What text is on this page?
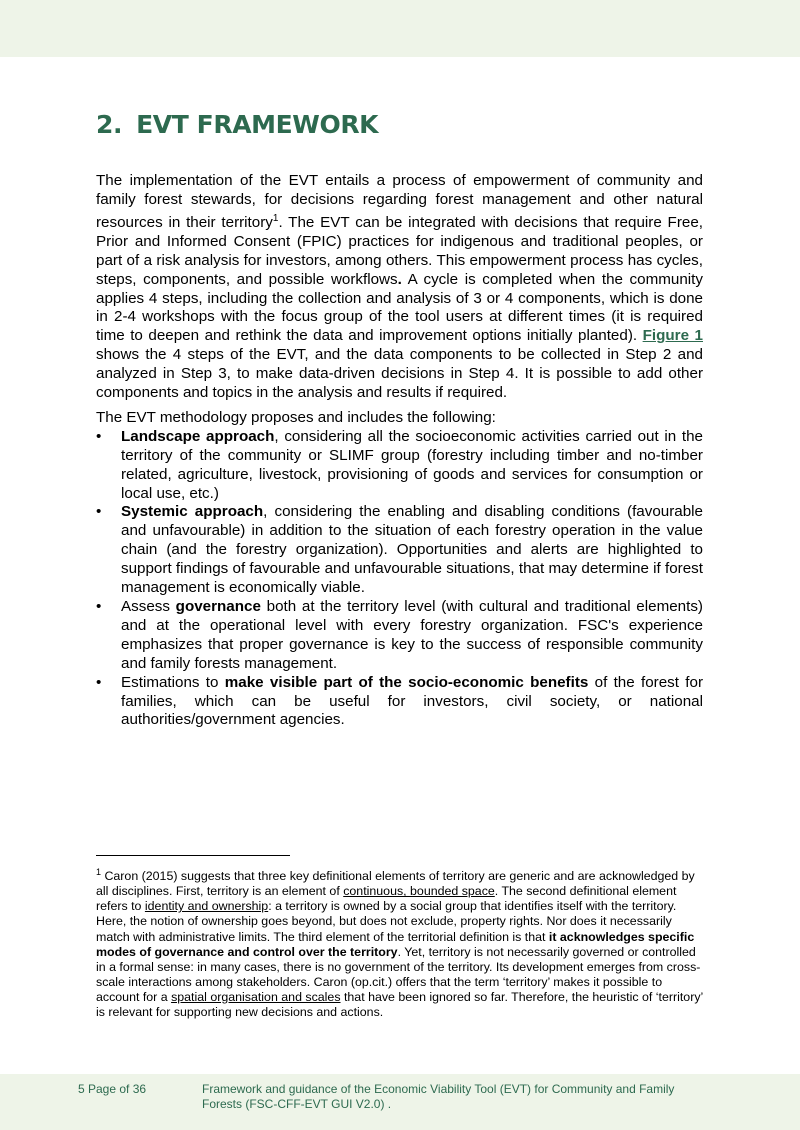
2. EVT FRAMEWORK

The implementation of the EVT entails a process of empowerment of community and family forest stewards, for decisions regarding forest management and other natural resources in their territory$^1$. The EVT can be integrated with decisions that require Free, Prior and Informed Consent (FPIC) practices for indigenous and traditional peoples, or part of a risk analysis for investors, among others. This empowerment process has cycles, steps, components, and possible workflows. A cycle is completed when the community applies 4 steps, including the collection and analysis of 3 or 4 components, which is done in 2-4 workshops with the focus group of the tool users at different times (it is required time to deepen and rethink the data and improvement options initially planted). Figure 1 shows the 4 steps of the EVT, and the data components to be collected in Step 2 and analyzed in Step 3, to make data-driven decisions in Step 4. It is possible to add other components and topics in the analysis and results if required.

The EVT methodology proposes and includes the following:

• Landscape approach, considering all the socioeconomic activities carried out in the territory of the community or SLIMF group (forestry including timber and no-timber related, agriculture, livestock, provisioning of goods and services for consumption or local use, etc.)
• Systemic approach, considering the enabling and disabling conditions (favourable and unfavourable) in addition to the situation of each forestry operation in the value chain (and the forestry organization). Opportunities and alerts are highlighted to support findings of favourable and unfavourable situations, that may determine if forest management is economically viable.
• Assess governance both at the territory level (with cultural and traditional elements) and at the operational level with every forestry organization. FSC's experience emphasizes that proper governance is key to the success of responsible community and family forests management.
• Estimations to make visible part of the socio-economic benefits of the forest for families, which can be useful for investors, civil society, or national authorities/government agencies.

$^1$ Caron (2015) suggests that three key definitional elements of territory are generic and are acknowledged by all disciplines. First, territory is an element of continuous, bounded space. The second definitional element refers to identity and ownership: a territory is owned by a social group that identifies itself with the territory. Here, the notion of ownership goes beyond, but does not exclude, property rights. Nor does it necessarily match with administrative limits. The third element of the territorial definition is that it acknowledges specific modes of governance and control over the territory. Yet, territory is not necessarily governed or controlled in a formal sense: in many cases, there is no government of the territory. Its development emerges from cross-scale interactions among stakeholders. Caron (op.cit.) offers that the term ‘territory’ makes it possible to account for a spatial organisation and scales that have been ignored so far. Therefore, the heuristic of ‘territory’ is relevant for supporting new decisions and actions.

5 Page of 36	Framework and guidance of the Economic Viability Tool (EVT) for Community and Family Forests (FSC-CFF-EVT GUI V2.0) .
